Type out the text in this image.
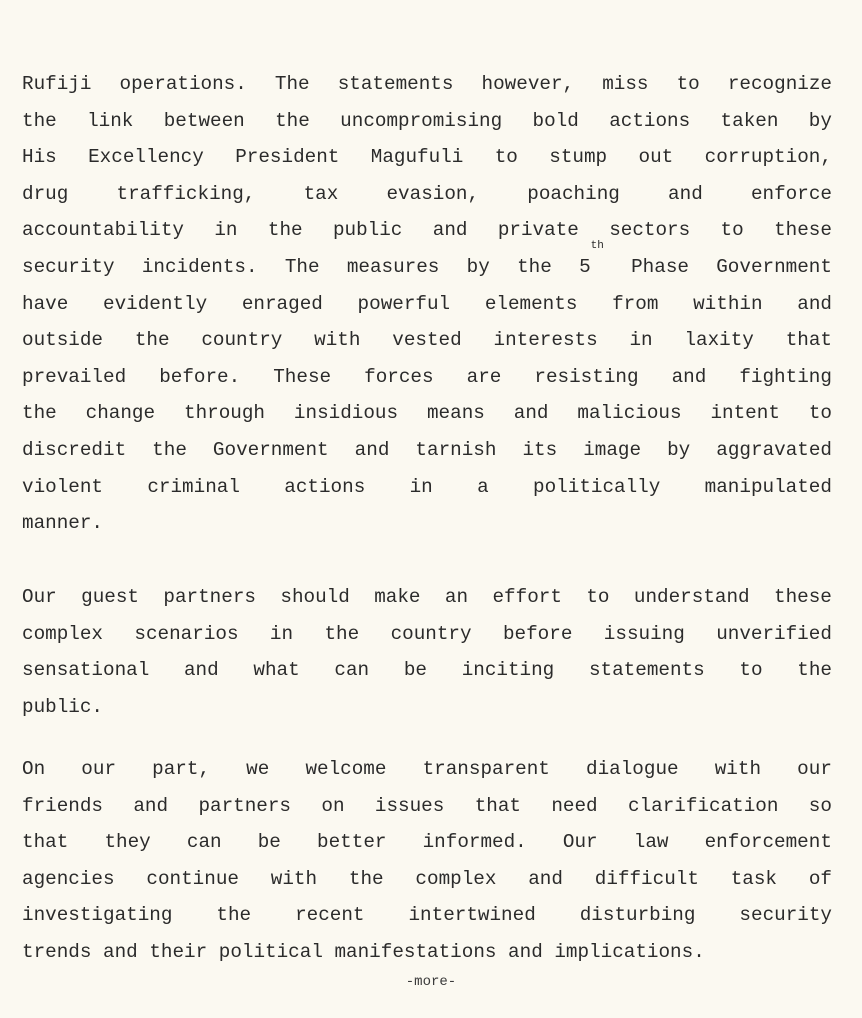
Rufiji operations. The statements however, miss to recognize
the link between the uncompromising bold actions taken by
His Excellency President Magufuli to stump out corruption,
drug trafficking, tax evasion, poaching and enforce
accountability in the public and private sectors to these
security incidents. The measures by the 5th
Phase Government
have evidently enraged powerful elements from within and
outside the country with vested interests in laxity that
prevailed before. These forces are resisting and fighting
the change through insidious means and malicious intent to
discredit the Government and tarnish its image by aggravated
violent criminal actions in a politically manipulated
manner.
Our guest partners should make an effort to understand these
complex scenarios in the country before issuing unverified
sensational and what can be inciting statements to the
public.
On our part, we welcome transparent dialogue with our
friends and partners on issues that need clarification so
that they can be better informed. Our law enforcement
agencies continue with the complex and difficult task of
investigating the recent intertwined disturbing security
trends and their political manifestations and implications.
-more-
